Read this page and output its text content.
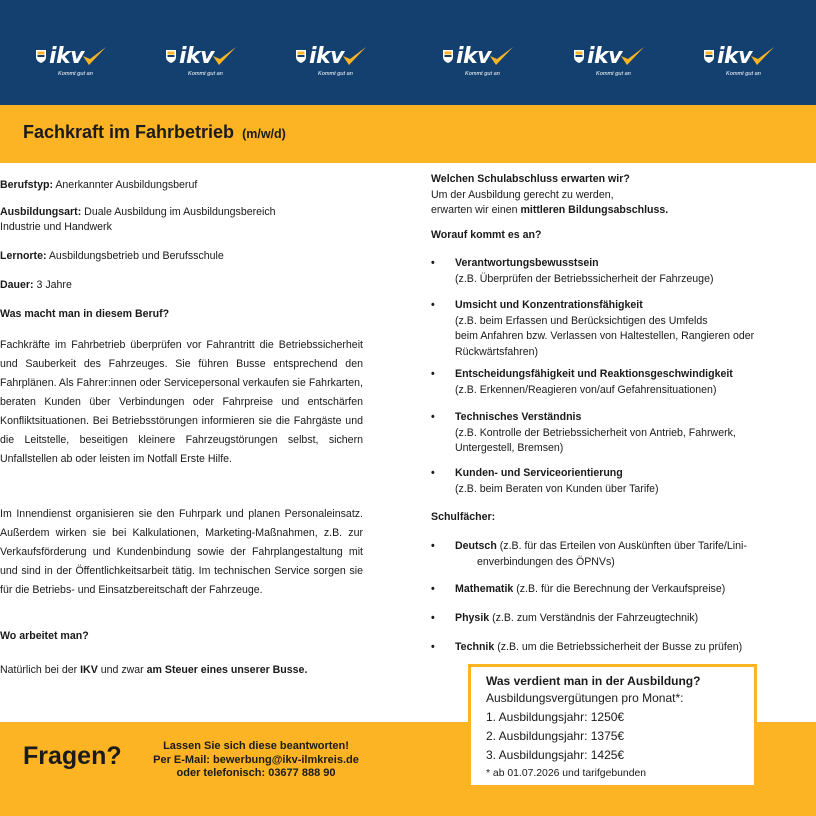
ikv
Kommt gut an
ikv
Kommt gut an
ikv
Kommt gut an
ikv
Kommt gut an
ikv
Kommt gut an
ikv
Kommt gut an
Fachkraft im Fahrbetrieb (m/w/d)
Berufstyp: Anerkannter Ausbildungsberuf
Ausbildungsart: Duale Ausbildung im Ausbildungsbereich
Industrie und Handwerk
Lernorte: Ausbildungsbetrieb und Berufsschule
Dauer: 3 Jahre
Was macht man in diesem Beruf?

Fachkräfte im Fahrbetrieb überprüfen vor Fahrantritt die Betriebssicherheit und Sauberkeit des Fahrzeuges. Sie führen Busse entsprechend den Fahrplänen. Als Fahrer:innen oder Servicepersonal verkaufen sie Fahrkarten, beraten Kunden über Verbindungen oder Fahrpreise und entschärfen Konfliktsituationen. Bei Betriebsstörungen informieren sie die Fahrgäste und die Leitstelle, beseitigen kleinere Fahrzeugstörungen selbst, sichern Unfallstellen ab oder leisten im Notfall Erste Hilfe.

Im Innendienst organisieren sie den Fuhrpark und planen Personaleinsatz. Außerdem wirken sie bei Kalkulationen, Marketing-Maßnahmen, z.B. zur Verkaufsförderung und Kundenbindung sowie der Fahrplangestaltung mit und sind in der Öffentlichkeitsarbeit tätig. Im technischen Service sorgen sie für die Betriebs- und Einsatzbereitschaft der Fahrzeuge.

Wo arbeitet man?
Natürlich bei der IKV und zwar am Steuer eines unserer Busse.
Welchen Schulabschluss erwarten wir?
Um der Ausbildung gerecht zu werden,
erwarten wir einen mittleren Bildungsabschluss.
Worauf kommt es an?
• Verantwortungsbewusstsein
(z.B. Überprüfen der Betriebssicherheit der Fahrzeuge)
• Umsicht und Konzentrationsfähigkeit
(z.B. beim Erfassen und Berücksichtigen des Umfelds
beim Anfahren bzw. Verlassen von Haltestellen, Rangieren oder
Rückwärtsfahren)
• Entscheidungsfähigkeit und Reaktionsgeschwindigkeit
(z.B. Erkennen/Reagieren von/auf Gefahrensituationen)
• Technisches Verständnis
(z.B. Kontrolle der Betriebssicherheit von Antrieb, Fahrwerk,
Untergestell, Bremsen)
• Kunden- und Serviceorientierung
(z.B. beim Beraten von Kunden über Tarife)
Schulfächer:
• Deutsch (z.B. für das Erteilen von Auskünften über Tarife/Lini-
enverbindungen des ÖPNVs)
• Mathematik (z.B. für die Berechnung der Verkaufspreise)
• Physik (z.B. zum Verständnis der Fahrzeugtechnik)
• Technik (z.B. um die Betriebssicherheit der Busse zu prüfen)
Fragen?	Lassen Sie sich diese beantworten!
Per E-Mail: bewerbung@ikv-ilmkreis.de
oder telefonisch: 03677 888 90
Was verdient man in der Ausbildung?
Ausbildungsvergütungen pro Monat*:
1. Ausbildungsjahr: 1250€
2. Ausbildungsjahr: 1375€
3. Ausbildungsjahr: 1425€
* ab 01.07.2026 und tarifgebunden
